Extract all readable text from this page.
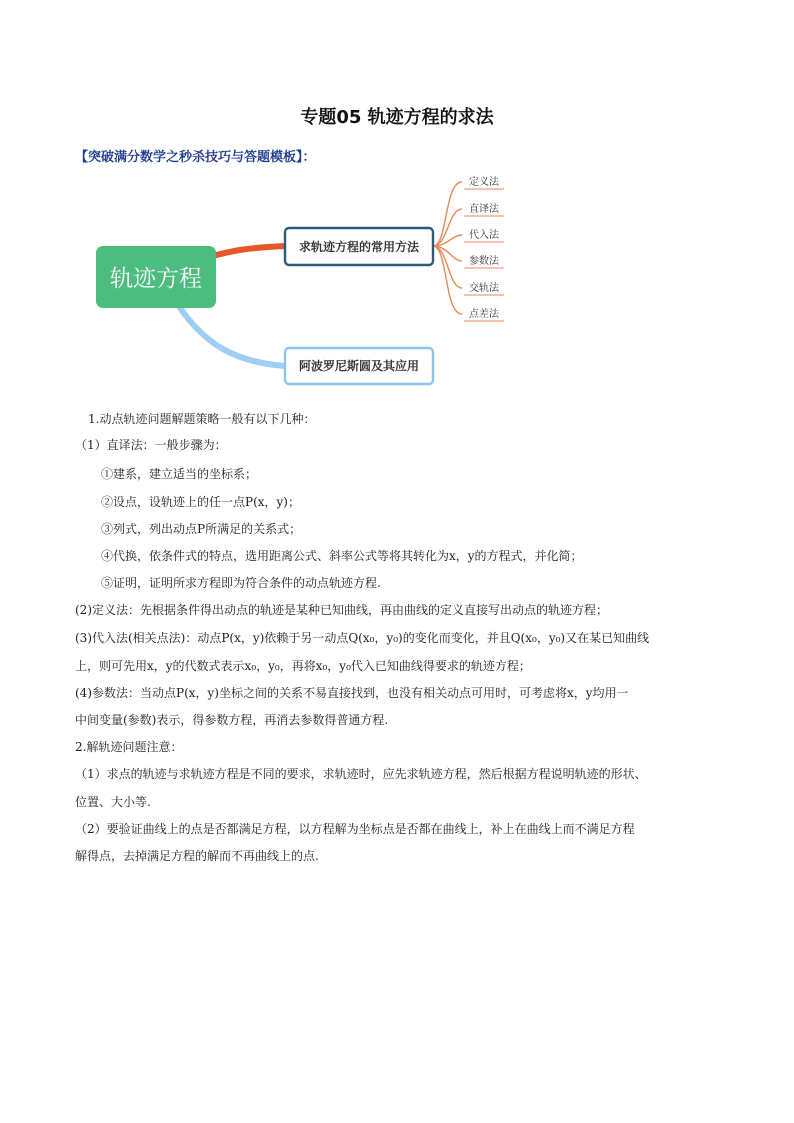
专题05 轨迹方程的求法
【突破满分数学之秒杀技巧与答题模板】：
轨迹方程
求轨迹方程的常用方法
阿波罗尼斯圆及其应用
定义法
直译法
代入法
参数法
交轨法
点差法
1.动点轨迹问题解题策略一般有以下几种：
（1）直译法：一般步骤为：
①建系，建立适当的坐标系；
②设点，设轨迹上的任一点P(x，y)；
③列式，列出动点P所满足的关系式；
④代换，依条件式的特点，选用距离公式、斜率公式等将其转化为x，y的方程式，并化简；
⑤证明，证明所求方程即为符合条件的动点轨迹方程.
(2)定义法：先根据条件得出动点的轨迹是某种已知曲线，再由曲线的定义直接写出动点的轨迹方程；
(3)代入法(相关点法)：动点P(x，y)依赖于另一动点Q(x₀，y₀)的变化而变化，并且Q(x₀，y₀)又在某已知曲线
上，则可先用x，y的代数式表示x₀，y₀，再将x₀，y₀代入已知曲线得要求的轨迹方程；
(4)参数法：当动点P(x，y)坐标之间的关系不易直接找到，也没有相关动点可用时，可考虑将x，y均用一
中间变量(参数)表示，得参数方程，再消去参数得普通方程.
2.解轨迹问题注意：
（1）求点的轨迹与求轨迹方程是不同的要求，求轨迹时，应先求轨迹方程，然后根据方程说明轨迹的形状、
位置、大小等.
（2）要验证曲线上的点是否都满足方程，以方程解为坐标点是否都在曲线上，补上在曲线上而不满足方程
解得点，去掉满足方程的解而不再曲线上的点.
